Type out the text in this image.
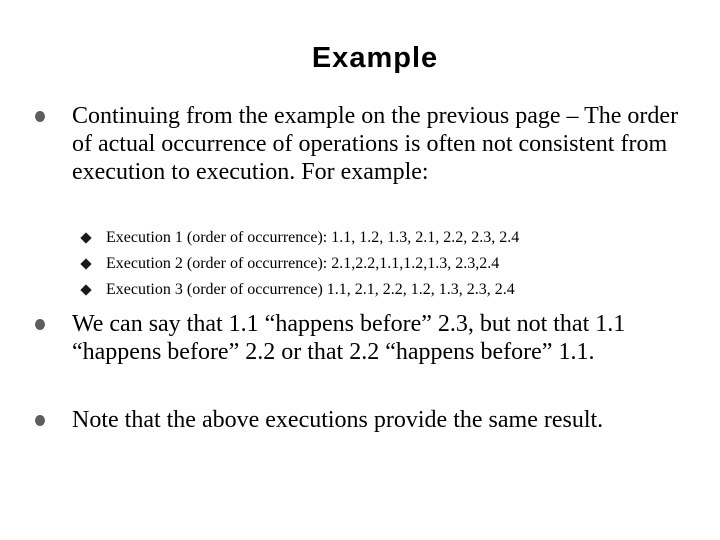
Example
Continuing from the example on the previous page – The order of actual occurrence of operations is often not consistent from execution to execution. For example:
Execution 1 (order of occurrence): 1.1, 1.2, 1.3, 2.1, 2.2, 2.3, 2.4
Execution 2 (order of occurrence): 2.1,2.2,1.1,1.2,1.3, 2.3,2.4
Execution 3 (order of occurrence) 1.1, 2.1, 2.2, 1.2, 1.3, 2.3, 2.4
We can say that 1.1 “happens before” 2.3, but not that 1.1 “happens before” 2.2 or that 2.2 “happens before” 1.1.
Note that the above executions provide the same result.
